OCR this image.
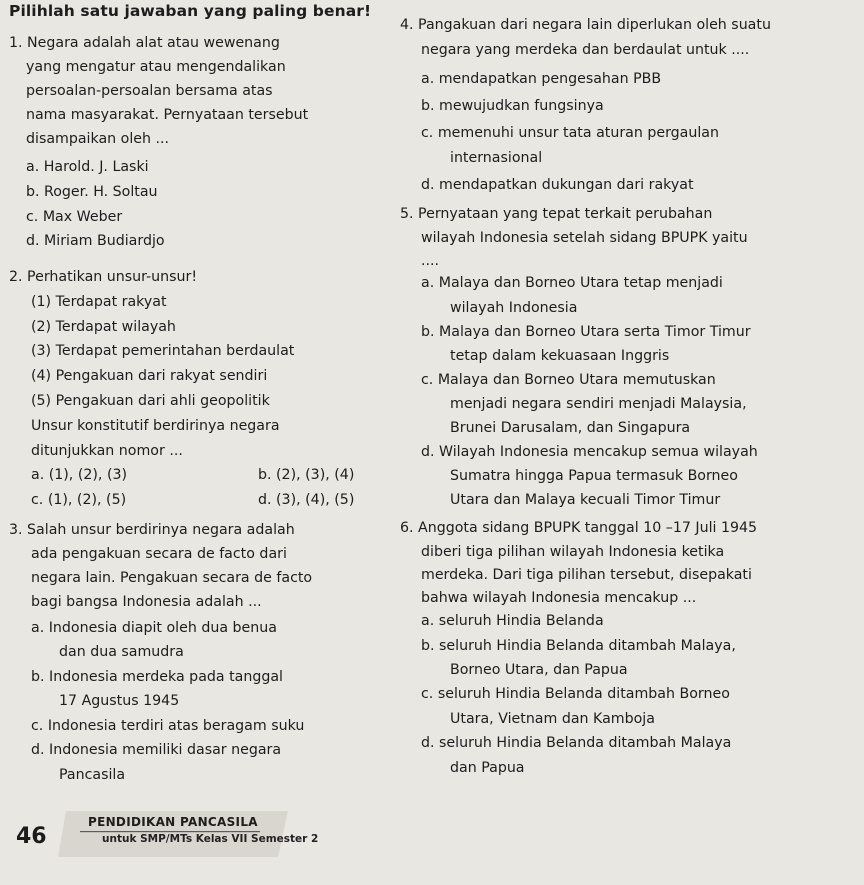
Pilihlah satu jawaban yang paling benar!
1. Negara adalah alat atau wewenang
yang mengatur atau mengendalikan
persoalan-persoalan bersama atas
nama masyarakat. Pernyataan tersebut
disampaikan oleh ...
a. Harold. J. Laski
b. Roger. H. Soltau
c. Max Weber
d. Miriam Budiardjo
2. Perhatikan unsur-unsur!
(1) Terdapat rakyat
(2) Terdapat wilayah
(3) Terdapat pemerintahan berdaulat
(4) Pengakuan dari rakyat sendiri
(5) Pengakuan dari ahli geopolitik
Unsur konstitutif berdirinya negara
ditunjukkan nomor ...
a. (1), (2), (3)	b. (2), (3), (4)
c. (1), (2), (5)	d. (3), (4), (5)
3. Salah unsur berdirinya negara adalah
ada pengakuan secara de facto dari
negara lain. Pengakuan secara de facto
bagi bangsa Indonesia adalah ...
a. Indonesia diapit oleh dua benua
dan dua samudra
b. Indonesia merdeka pada tanggal
17 Agustus 1945
c. Indonesia terdiri atas beragam suku
d. Indonesia memiliki dasar negara
Pancasila
4. Pangakuan dari negara lain diperlukan oleh suatu
negara yang merdeka dan berdaulat untuk ....
a. mendapatkan pengesahan PBB
b. mewujudkan fungsinya
c. memenuhi unsur tata aturan pergaulan
internasional
d. mendapatkan dukungan dari rakyat
5. Pernyataan yang tepat terkait perubahan
wilayah Indonesia setelah sidang BPUPK yaitu
....
a. Malaya dan Borneo Utara tetap menjadi
wilayah Indonesia
b. Malaya dan Borneo Utara serta Timor Timur
tetap dalam kekuasaan Inggris
c. Malaya dan Borneo Utara memutuskan
menjadi negara sendiri menjadi Malaysia,
Brunei Darusalam, dan Singapura
d. Wilayah Indonesia mencakup semua wilayah
Sumatra hingga Papua termasuk Borneo
Utara dan Malaya kecuali Timor Timur
6. Anggota sidang BPUPK tanggal 10 –17 Juli 1945
diberi tiga pilihan wilayah Indonesia ketika
merdeka. Dari tiga pilihan tersebut, disepakati
bahwa wilayah Indonesia mencakup ...
a. seluruh Hindia Belanda
b. seluruh Hindia Belanda ditambah Malaya,
Borneo Utara, dan Papua
c. seluruh Hindia Belanda ditambah Borneo
Utara, Vietnam dan Kamboja
d. seluruh Hindia Belanda ditambah Malaya
dan Papua
46
PENDIDIKAN PANCASILA
untuk SMP/MTs Kelas VII Semester 2
